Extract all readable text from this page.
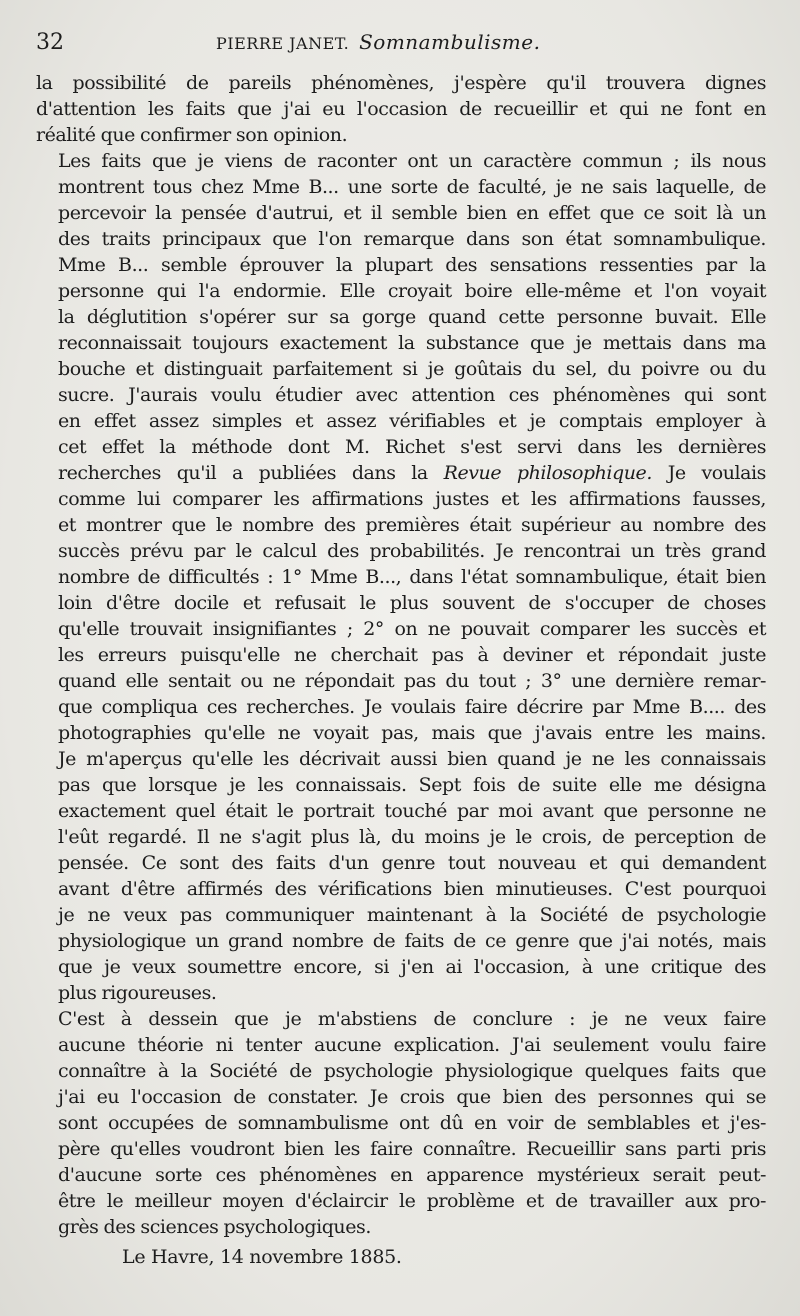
32	PIERRE JANET. Somnambulisme.

la possibilité de pareils phénomènes, j'espère qu'il trouvera dignes
d'attention les faits que j'ai eu l'occasion de recueillir et qui ne font en
réalité que confirmer son opinion.

Les faits que je viens de raconter ont un caractère commun ; ils nous
montrent tous chez Mme B... une sorte de faculté, je ne sais laquelle, de
percevoir la pensée d'autrui, et il semble bien en effet que ce soit là un
des traits principaux que l'on remarque dans son état somnambulique.
Mme B... semble éprouver la plupart des sensations ressenties par la
personne qui l'a endormie. Elle croyait boire elle-même et l'on voyait
la déglutition s'opérer sur sa gorge quand cette personne buvait. Elle
reconnaissait toujours exactement la substance que je mettais dans ma
bouche et distinguait parfaitement si je goûtais du sel, du poivre ou du
sucre. J'aurais voulu étudier avec attention ces phénomènes qui sont
en effet assez simples et assez vérifiables et je comptais employer à
cet effet la méthode dont M. Richet s'est servi dans les dernières
recherches qu'il a publiées dans la Revue philosophique. Je voulais
comme lui comparer les affirmations justes et les affirmations fausses,
et montrer que le nombre des premières était supérieur au nombre des
succès prévu par le calcul des probabilités. Je rencontrai un très grand
nombre de difficultés : 1° Mme B..., dans l'état somnambulique, était bien
loin d'être docile et refusait le plus souvent de s'occuper de choses
qu'elle trouvait insignifiantes ; 2° on ne pouvait comparer les succès et
les erreurs puisqu'elle ne cherchait pas à deviner et répondait juste
quand elle sentait ou ne répondait pas du tout ; 3° une dernière remar-
que compliqua ces recherches. Je voulais faire décrire par Mme B.... des
photographies qu'elle ne voyait pas, mais que j'avais entre les mains.
Je m'aperçus qu'elle les décrivait aussi bien quand je ne les connaissais
pas que lorsque je les connaissais. Sept fois de suite elle me désigna
exactement quel était le portrait touché par moi avant que personne ne
l'eût regardé. Il ne s'agit plus là, du moins je le crois, de perception de
pensée. Ce sont des faits d'un genre tout nouveau et qui demandent
avant d'être affirmés des vérifications bien minutieuses. C'est pourquoi
je ne veux pas communiquer maintenant à la Société de psychologie
physiologique un grand nombre de faits de ce genre que j'ai notés, mais
que je veux soumettre encore, si j'en ai l'occasion, à une critique des
plus rigoureuses.

C'est à dessein que je m'abstiens de conclure : je ne veux faire
aucune théorie ni tenter aucune explication. J'ai seulement voulu faire
connaître à la Société de psychologie physiologique quelques faits que
j'ai eu l'occasion de constater. Je crois que bien des personnes qui se
sont occupées de somnambulisme ont dû en voir de semblables et j'es-
père qu'elles voudront bien les faire connaître. Recueillir sans parti pris
d'aucune sorte ces phénomènes en apparence mystérieux serait peut-
être le meilleur moyen d'éclaircir le problème et de travailler aux pro-
grès des sciences psychologiques.

Le Havre, 14 novembre 1885.
